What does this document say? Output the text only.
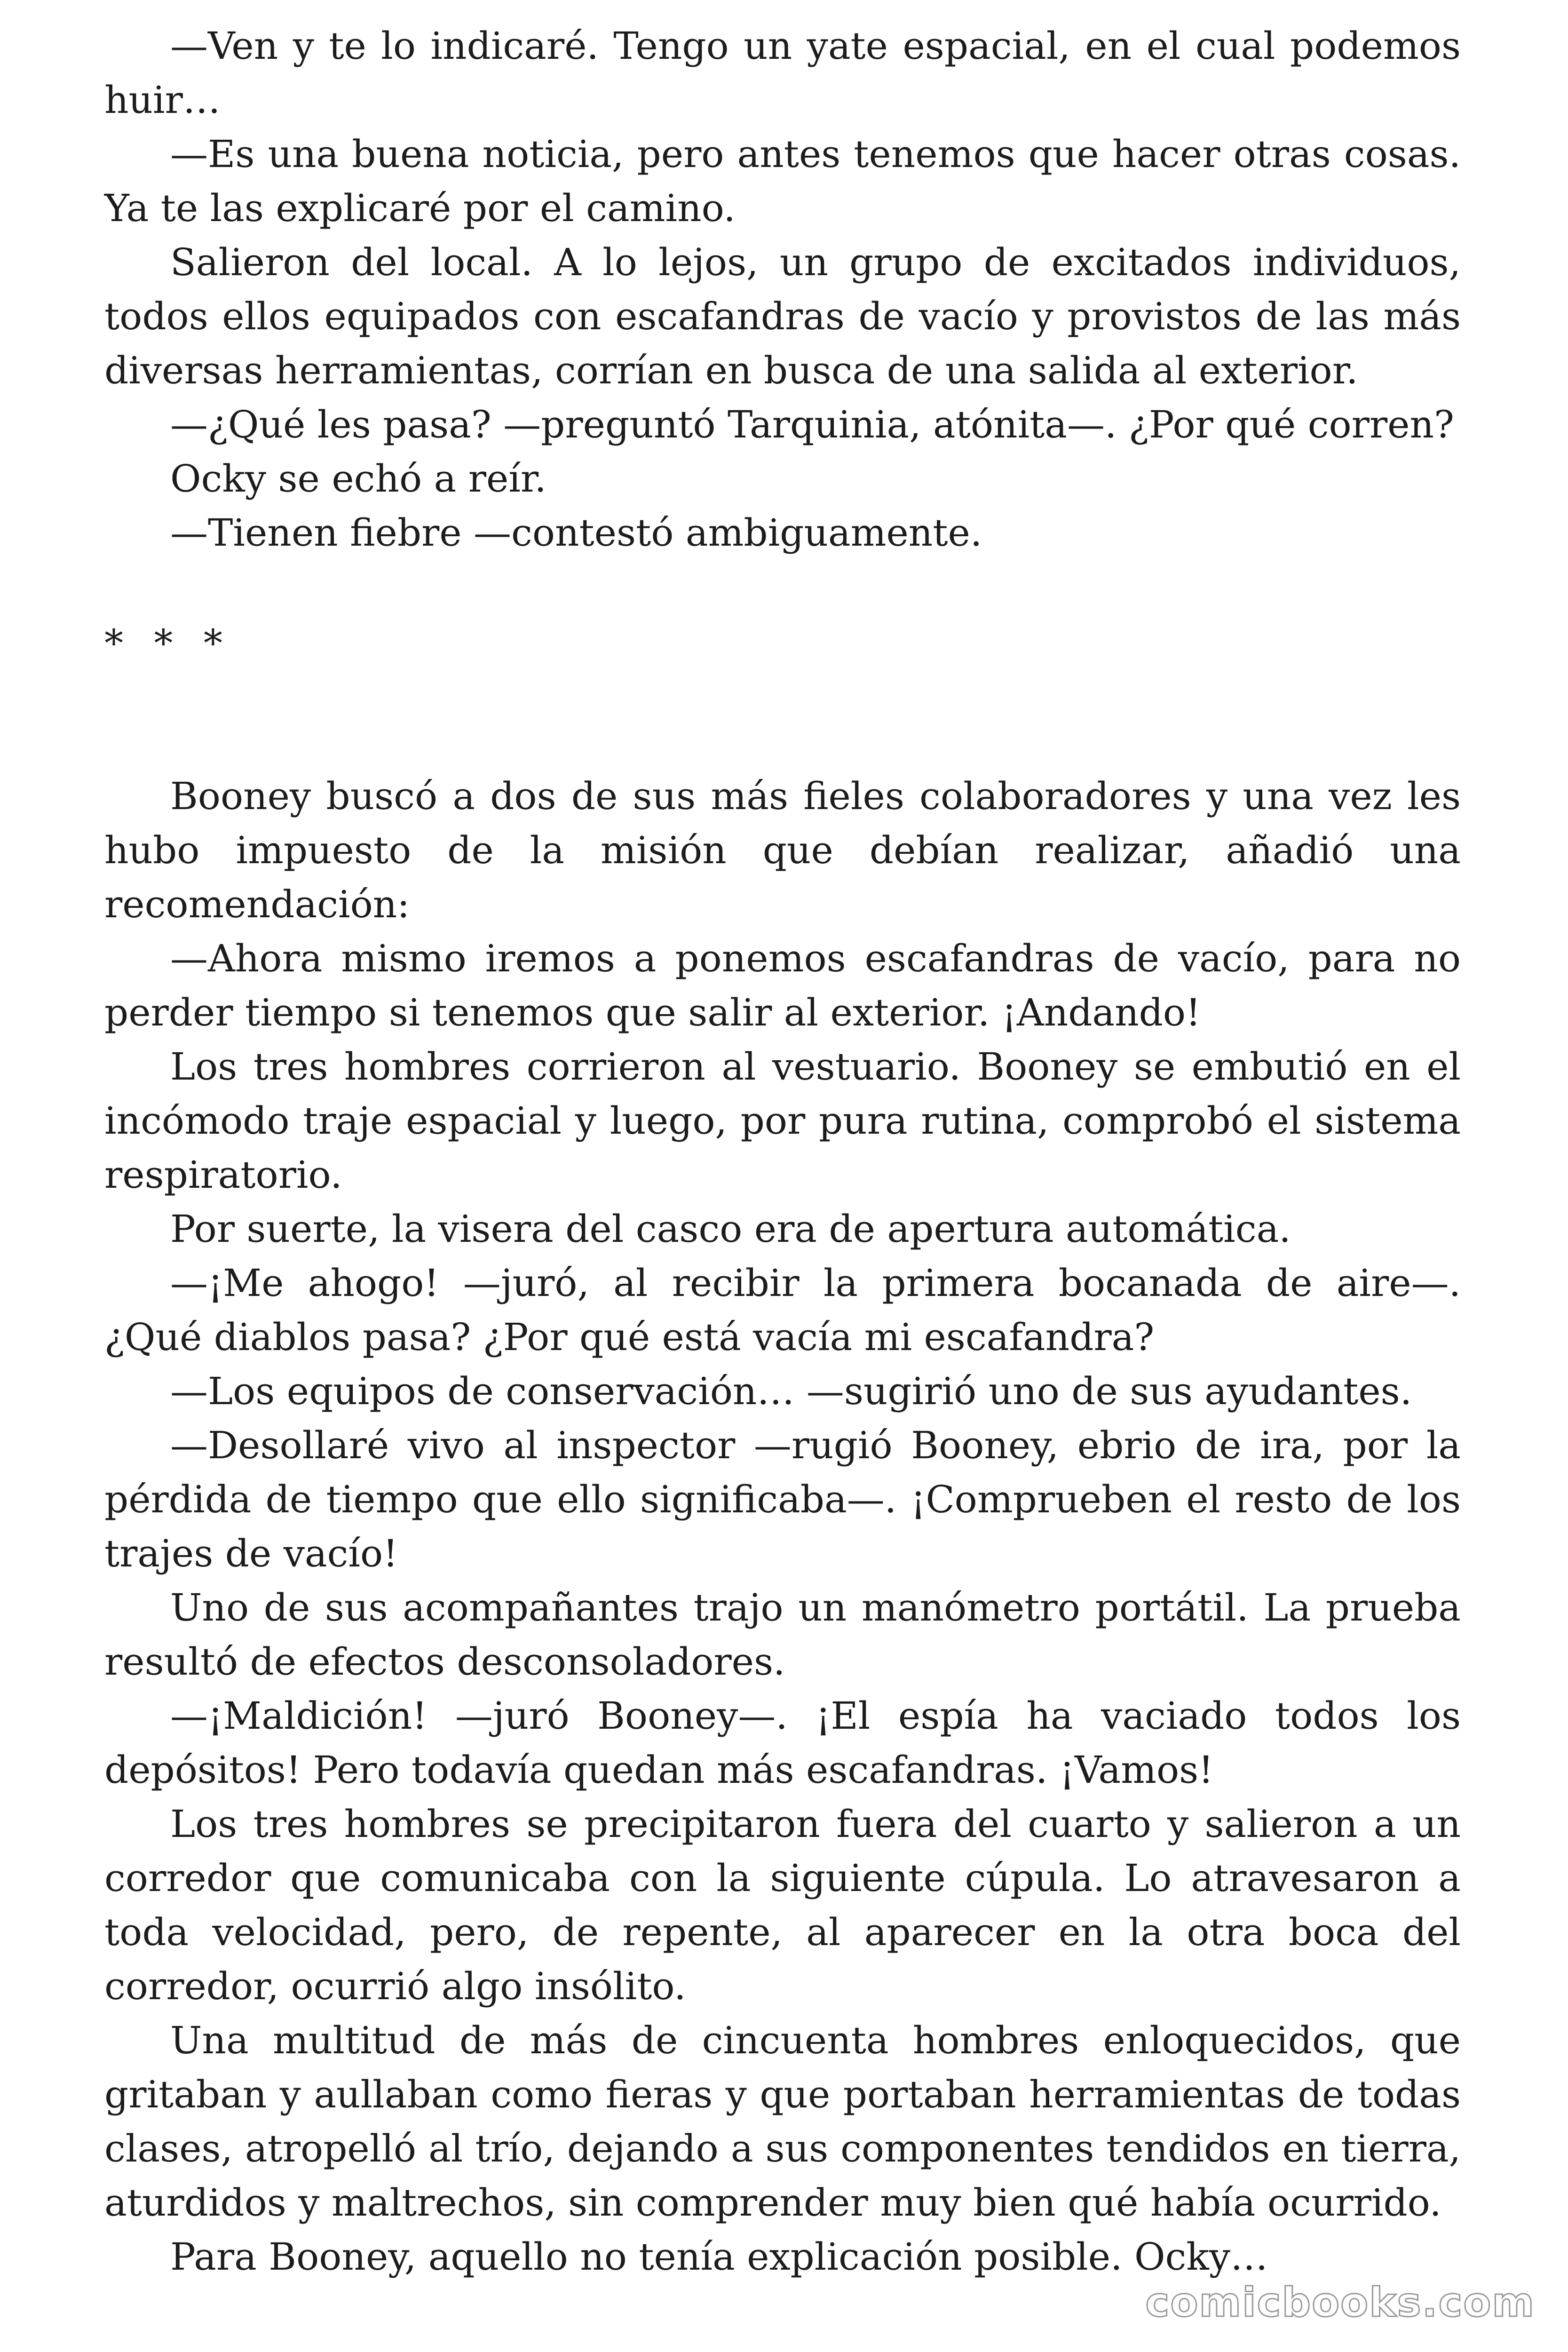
—Ven y te lo indicaré. Tengo un yate espacial, en el cual podemos huir…

—Es una buena noticia, pero antes tenemos que hacer otras cosas. Ya te las explicaré por el camino.

Salieron del local. A lo lejos, un grupo de excitados individuos, todos ellos equipados con escafandras de vacío y provistos de las más diversas herramientas, corrían en busca de una salida al exterior.

—¿Qué les pasa? —preguntó Tarquinia, atónita—. ¿Por qué corren?

Ocky se echó a reír.

—Tienen fiebre —contestó ambiguamente.

* * *

Booney buscó a dos de sus más fieles colaboradores y una vez les hubo impuesto de la misión que debían realizar, añadió una recomendación:

—Ahora mismo iremos a ponemos escafandras de vacío, para no perder tiempo si tenemos que salir al exterior. ¡Andando!

Los tres hombres corrieron al vestuario. Booney se embutió en el incómodo traje espacial y luego, por pura rutina, comprobó el sistema respiratorio.

Por suerte, la visera del casco era de apertura automática.

—¡Me ahogo! —juró, al recibir la primera bocanada de aire—. ¿Qué diablos pasa? ¿Por qué está vacía mi escafandra?

—Los equipos de conservación… —sugirió uno de sus ayudantes.

—Desollaré vivo al inspector —rugió Booney, ebrio de ira, por la pérdida de tiempo que ello significaba—. ¡Comprueben el resto de los trajes de vacío!

Uno de sus acompañantes trajo un manómetro portátil. La prueba resultó de efectos desconsoladores.

—¡Maldición! —juró Booney—. ¡El espía ha vaciado todos los depósitos! Pero todavía quedan más escafandras. ¡Vamos!

Los tres hombres se precipitaron fuera del cuarto y salieron a un corredor que comunicaba con la siguiente cúpula. Lo atravesaron a toda velocidad, pero, de repente, al aparecer en la otra boca del corredor, ocurrió algo insólito.

Una multitud de más de cincuenta hombres enloquecidos, que gritaban y aullaban como fieras y que portaban herramientas de todas clases, atropelló al trío, dejando a sus componentes tendidos en tierra, aturdidos y maltrechos, sin comprender muy bien qué había ocurrido.

Para Booney, aquello no tenía explicación posible. Ocky…

comicbooks.com
